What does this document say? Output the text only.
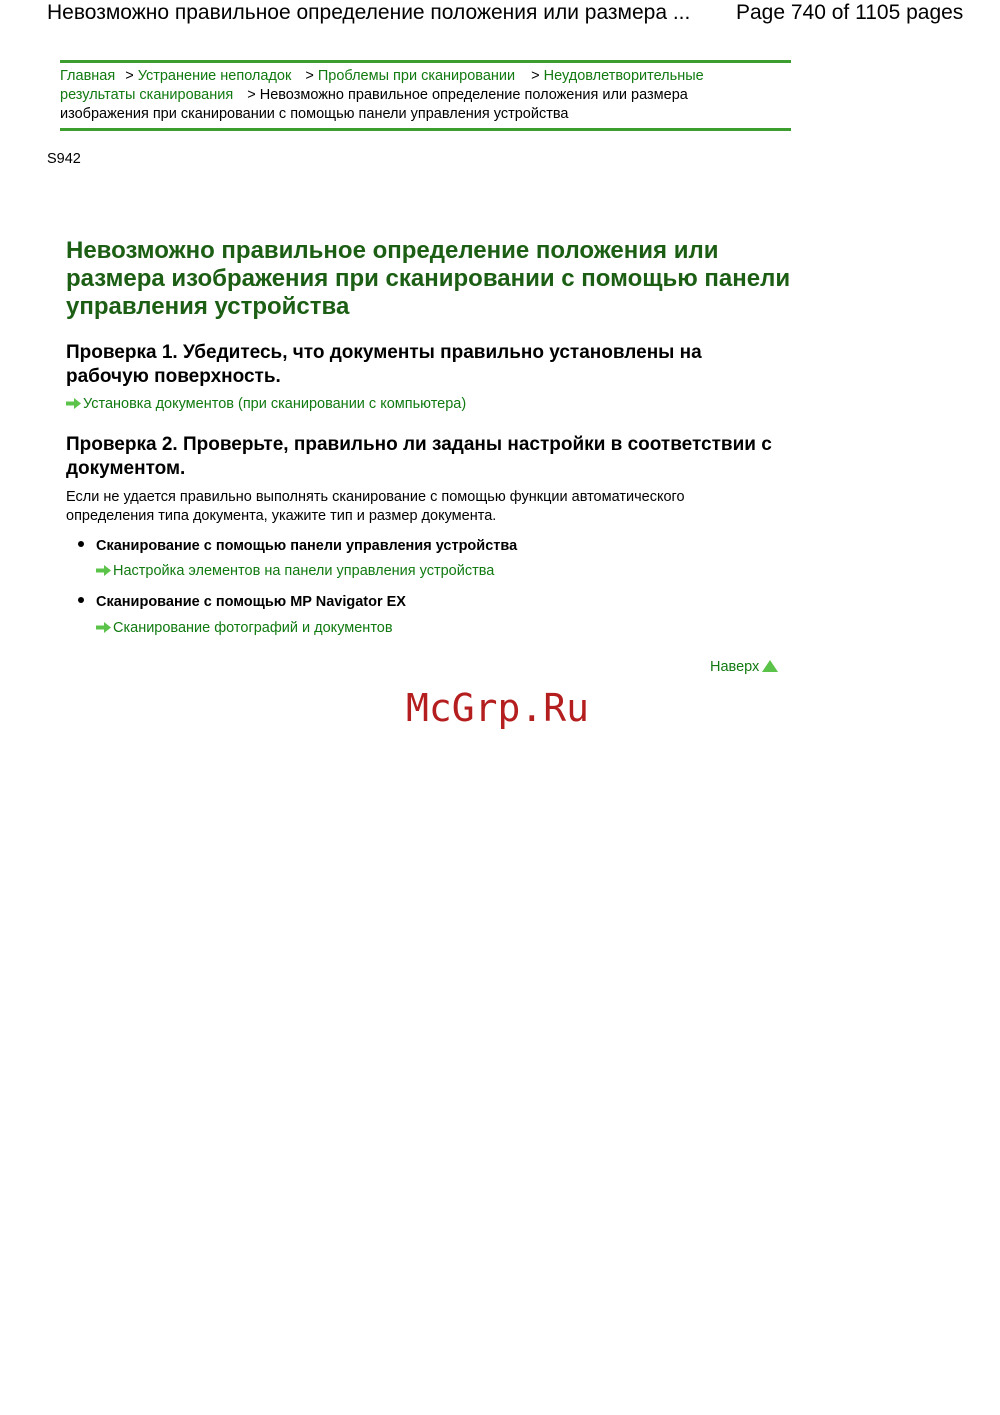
Невозможно правильное определение положения или размера ... Page 740 of 1105 pages
Главная > Устранение неполадок > Проблемы при сканировании > Неудовлетворительные
результаты сканирования > Невозможно правильное определение положения или размера
изображения при сканировании с помощью панели управления устройства
S942
Невозможно правильное определение положения или размера изображения при сканировании с помощью панели управления устройства
Проверка 1. Убедитесь, что документы правильно установлены на рабочую поверхность.
Установка документов (при сканировании с компьютера)
Проверка 2. Проверьте, правильно ли заданы настройки в соответствии с документом.

Если не удается правильно выполнять сканирование с помощью функции автоматического определения типа документа, укажите тип и размер документа.

Сканирование с помощью панели управления устройства
Настройка элементов на панели управления устройства
Сканирование с помощью MP Navigator EX
Сканирование фотографий и документов
Наверх
McGrp.Ru
